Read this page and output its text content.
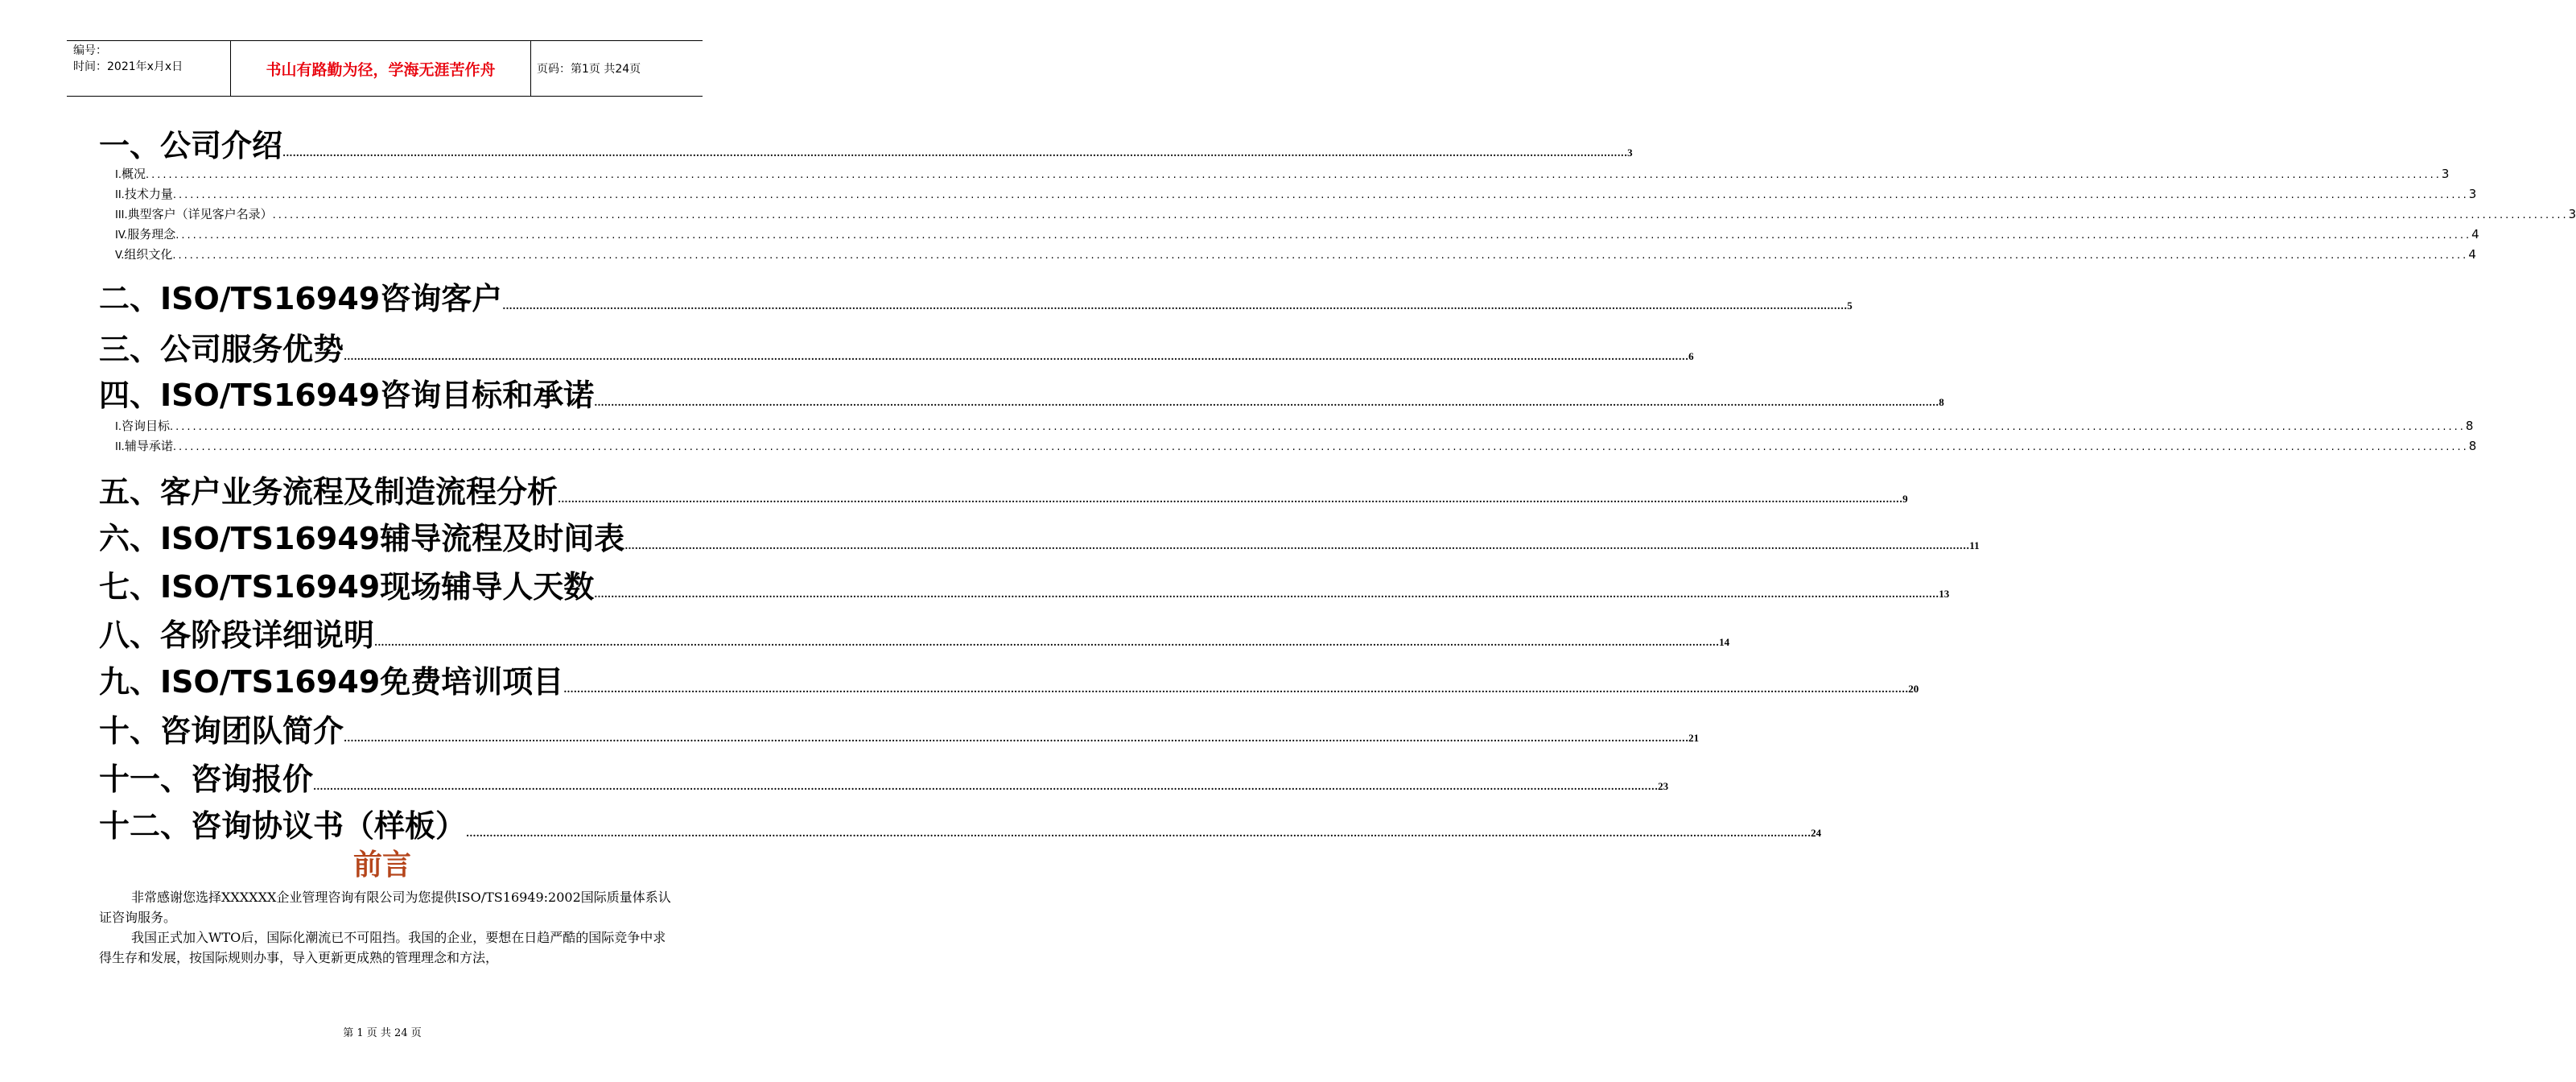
编号：
时间：2021年x月x日	书山有路勤为径，学海无涯苦作舟	页码：第1页 共24页
I. 概况 ................................................................................................................................................................................................................................................................................................................................................................................................................ 3
II. 技术力量 ................................................................................................................................................................................................................................................................................................................................................................................................................ 3
III. 典型客户（详见客户名录） ................................................................................................................................................................................................................................................................................................................................................................................................................ 3
IV. 服务理念 ................................................................................................................................................................................................................................................................................................................................................................................................................ 4
V. 组织文化 ................................................................................................................................................................................................................................................................................................................................................................................................................ 4
I. 咨询目标 ................................................................................................................................................................................................................................................................................................................................................................................................................ 8
II. 辅导承诺 ................................................................................................................................................................................................................................................................................................................................................................................................................ 8
前言
非常感谢您选择XXXXXX企业管理咨询有限公司为您提供ISO/TS16949:2002国际质量体系认证咨询服务。
我国正式加入WTO后，国际化潮流已不可阻挡。我国的企业，要想在日趋严酷的国际竞争中求得生存和发展，按国际规则办事，导入更新更成熟的管理理念和方法，
第 1 页 共 24 页
一、 公司介绍 ................................................................................................................................................................................................................................................................................................................................................................................................................ 3
二、 ISO/TS16949咨询客户 ................................................................................................................................................................................................................................................................................................................................................................................................................ 5
三、 公司服务优势 ................................................................................................................................................................................................................................................................................................................................................................................................................ 6
四、 ISO/TS16949咨询目标和承诺 ................................................................................................................................................................................................................................................................................................................................................................................................................ 8
五、 客户业务流程及制造流程分析 ................................................................................................................................................................................................................................................................................................................................................................................................................ 9
六、 ISO/TS16949辅导流程及时间表 ................................................................................................................................................................................................................................................................................................................................................................................................................ 11
七、 ISO/TS16949现场辅导人天数 ................................................................................................................................................................................................................................................................................................................................................................................................................ 13
八、 各阶段详细说明 ................................................................................................................................................................................................................................................................................................................................................................................................................ 14
九、 ISO/TS16949免费培训项目 ................................................................................................................................................................................................................................................................................................................................................................................................................ 20
十、 咨询团队简介 ................................................................................................................................................................................................................................................................................................................................................................................................................ 21
十一、 咨询报价 ................................................................................................................................................................................................................................................................................................................................................................................................................ 23
十二、 咨询协议书（样板） ................................................................................................................................................................................................................................................................................................................................................................................................................ 24
